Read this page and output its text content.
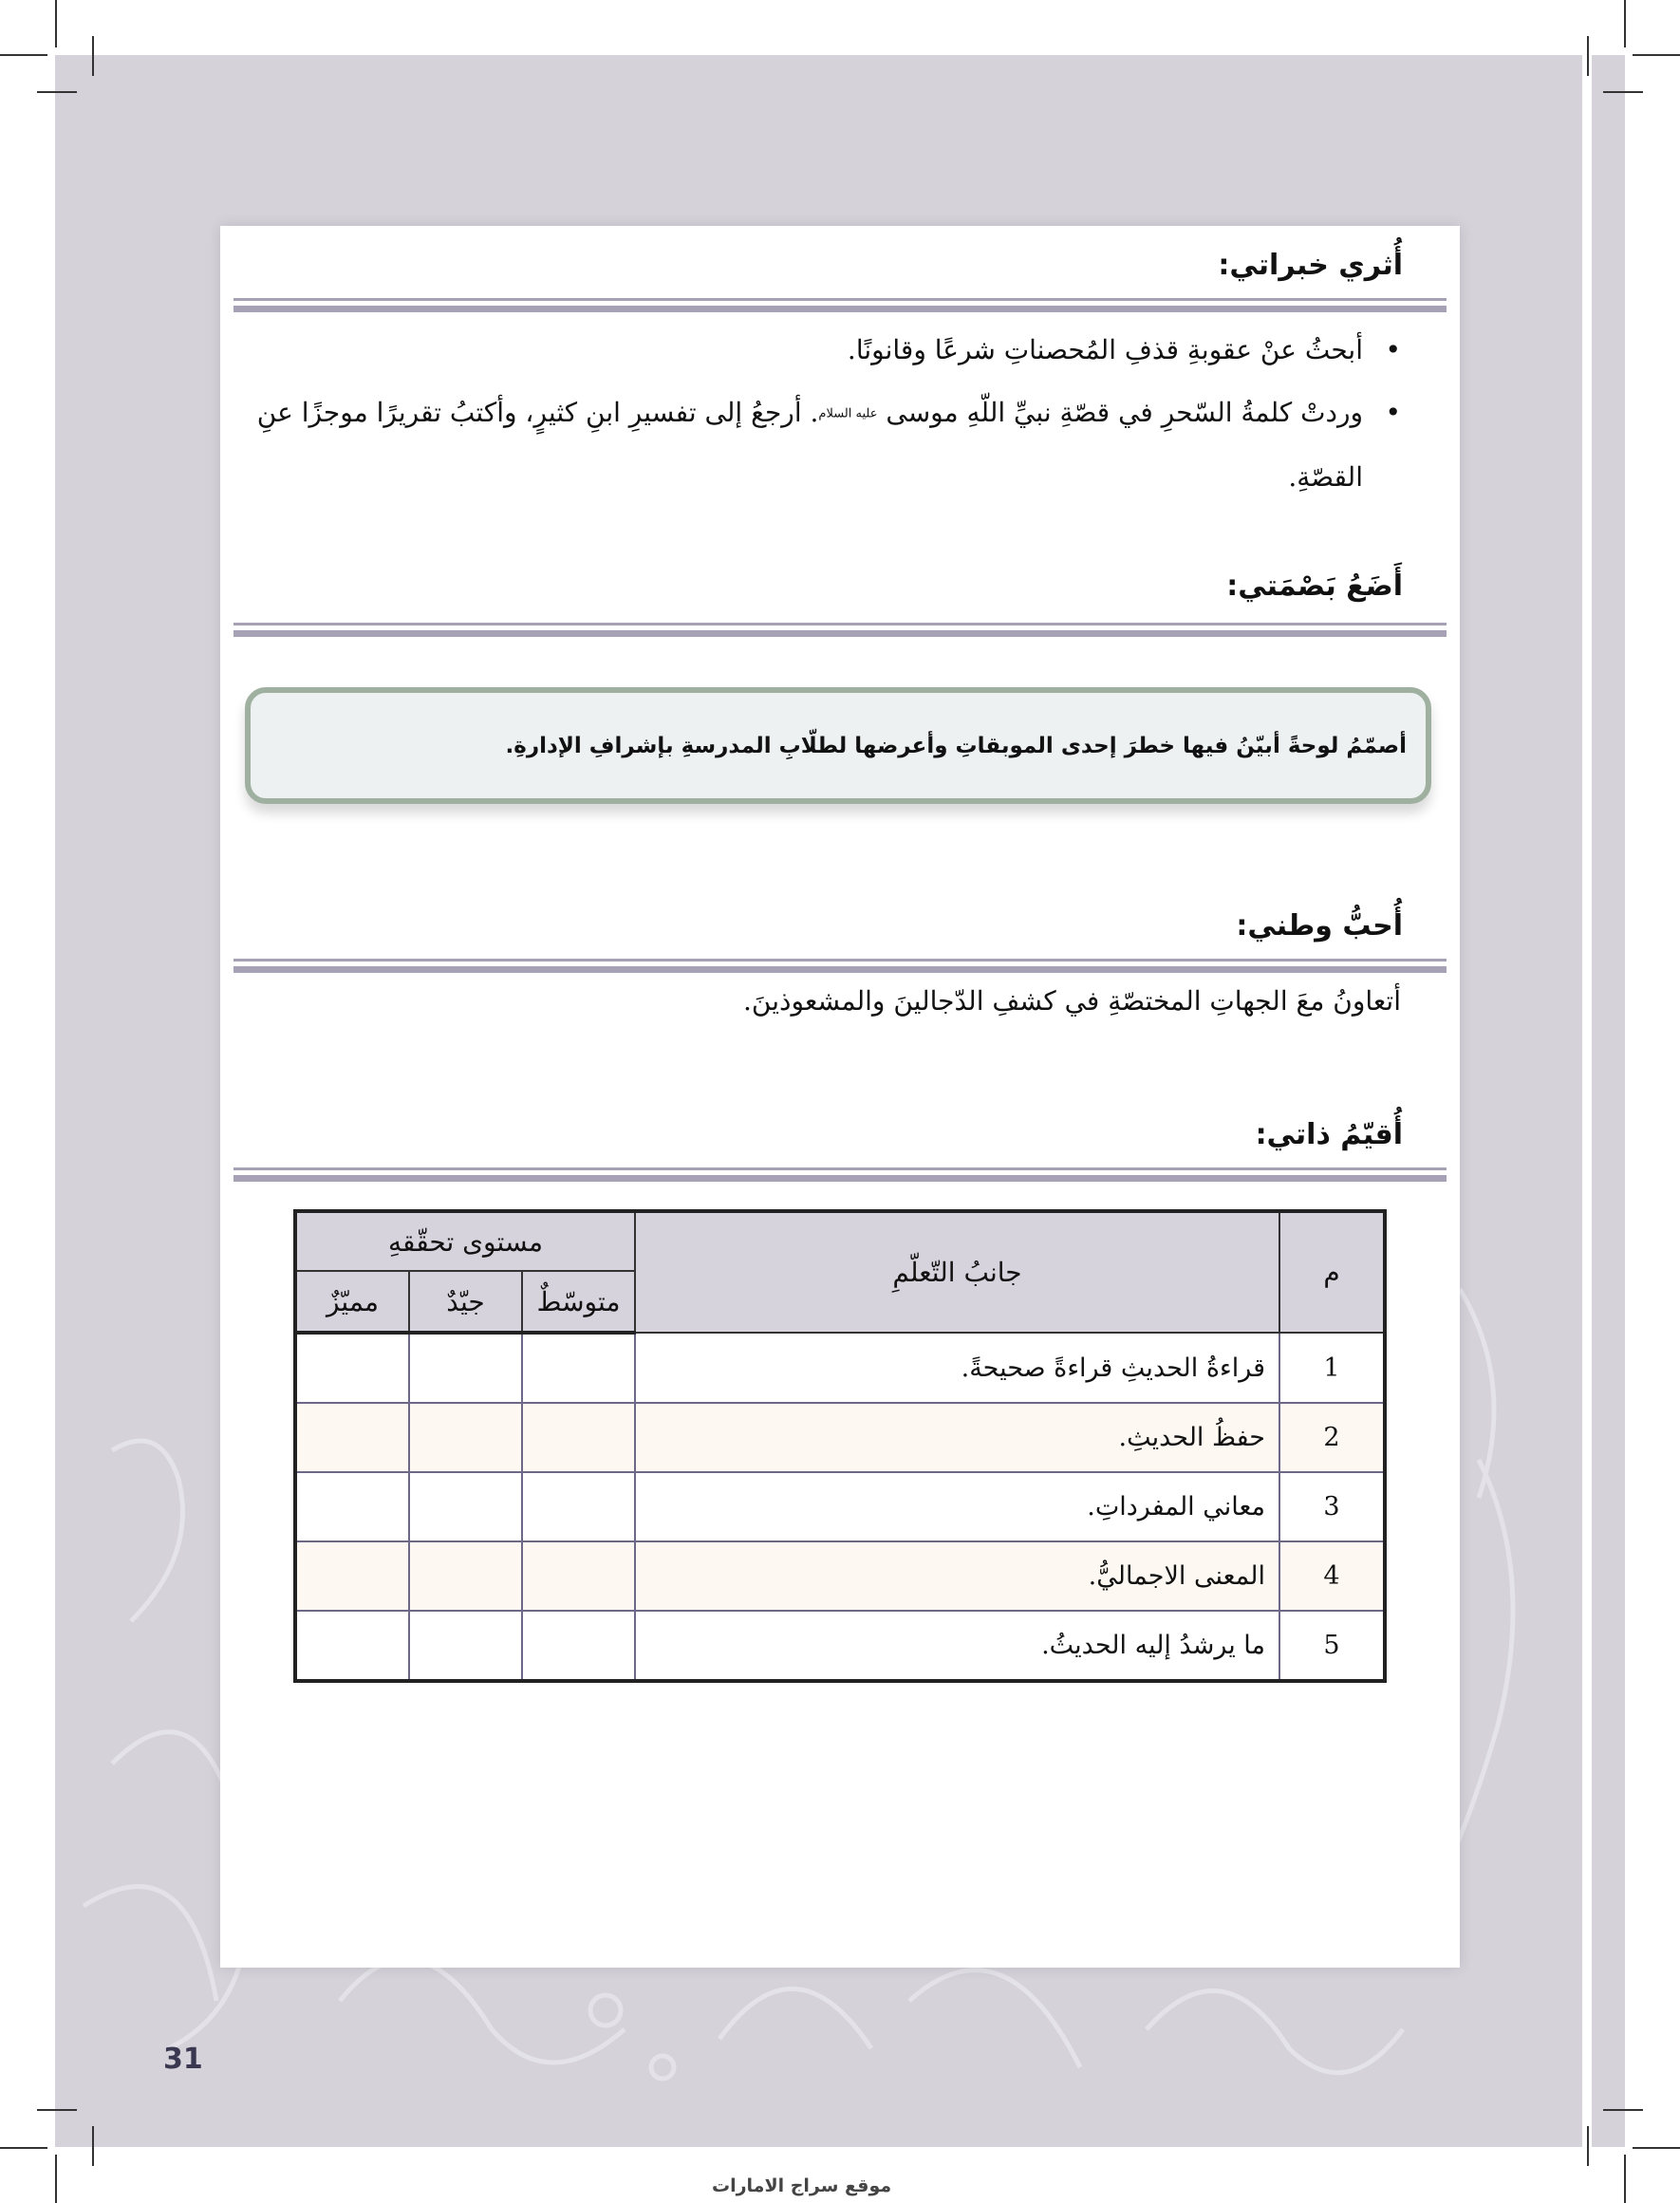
أُثري خبراتي:
• أبحثُ عنْ عقوبةِ قذفِ المُحصناتِ شرعًا وقانونًا.
• وردتْ كلمةُ السّحرِ في قصّةِ نبيِّ اللّهِ موسى عليه السلام. أرجعُ إلى تفسيرِ ابنِ كثيرٍ، وأكتبُ تقريرًا موجزًا عنِ القصّةِ.
أَضَعُ بَصْمَتي:
أصمّمُ لوحةً أبيّنُ فيها خطرَ إحدى الموبقاتِ وأعرضها لطلّابِ المدرسةِ بإشرافِ الإدارةِ.
أُحبُّ وطني:
أتعاونُ معَ الجهاتِ المختصّةِ في كشفِ الدّجالينَ والمشعوذينَ.
أُقيّمُ ذاتي:
م	جانبُ التّعلّمِ	مستوى تحقّقهِ		
		متوسّطٌ	جيّدٌ	مميّزٌ
1	قراءةُ الحديثِ قراءةً صحيحةً.			
2	حفظُ الحديثِ.			
3	معاني المفرداتِ.			
4	المعنى الاجماليُّ.			
5	ما يرشدُ إليه الحديثُ.			
31
موقع سراج الامارات
